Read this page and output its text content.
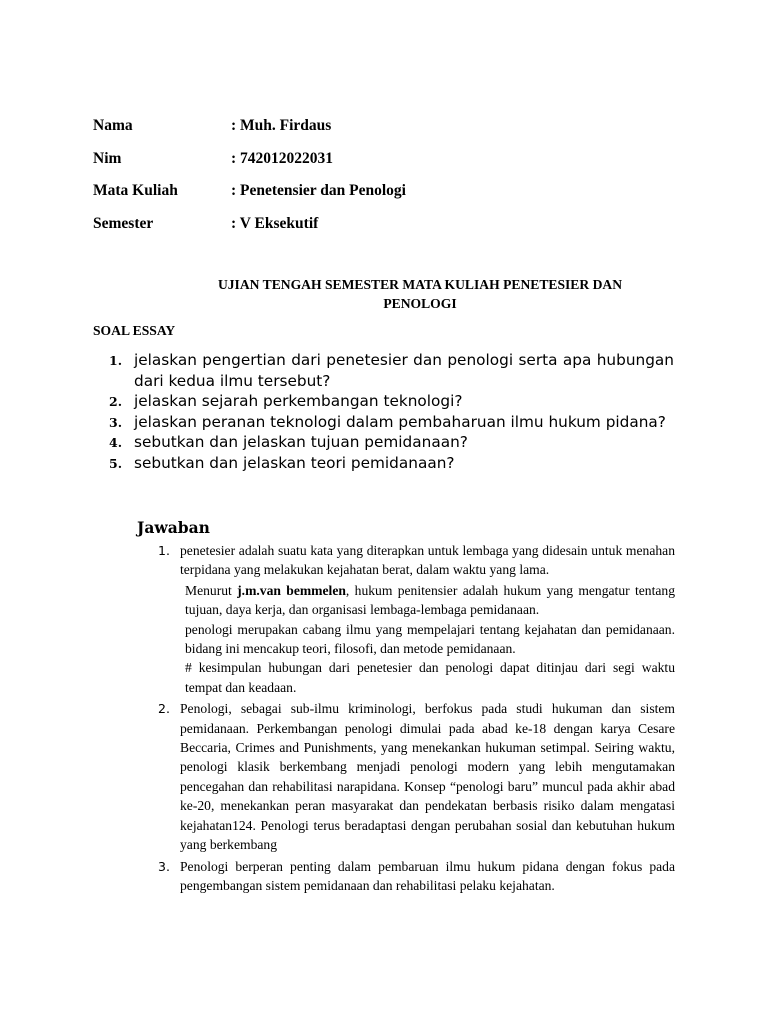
Nama	: Muh. Firdaus
Nim	: 742012022031
Mata Kuliah	: Penetensier dan Penologi
Semester	: V Eksekutif
UJIAN TENGAH SEMESTER MATA KULIAH PENETESIER DAN
PENOLOGI
SOAL ESSAY
1. jelaskan pengertian dari penetesier dan penologi serta apa hubungan dari kedua ilmu tersebut?
2. jelaskan sejarah perkembangan teknologi?
3. jelaskan peranan teknologi dalam pembaharuan ilmu hukum pidana?
4. sebutkan dan jelaskan tujuan pemidanaan?
5. sebutkan dan jelaskan teori pemidanaan?
Jawaban
1. penetesier adalah suatu kata yang diterapkan untuk lembaga yang didesain untuk menahan terpidana yang melakukan kejahatan berat, dalam waktu yang lama.

Menurut j.m.van bemmelen, hukum penitensier adalah hukum yang mengatur tentang tujuan, daya kerja, dan organisasi lembaga-lembaga pemidanaan.

penologi merupakan cabang ilmu yang mempelajari tentang kejahatan dan pemidanaan. bidang ini mencakup teori, filosofi, dan metode pemidanaan.

# kesimpulan hubungan dari penetesier dan penologi dapat ditinjau dari segi waktu tempat dan keadaan.

2. Penologi, sebagai sub-ilmu kriminologi, berfokus pada studi hukuman dan sistem pemidanaan. Perkembangan penologi dimulai pada abad ke-18 dengan karya Cesare Beccaria, Crimes and Punishments, yang menekankan hukuman setimpal. Seiring waktu, penologi klasik berkembang menjadi penologi modern yang lebih mengutamakan pencegahan dan rehabilitasi narapidana. Konsep “penologi baru” muncul pada akhir abad ke-20, menekankan peran masyarakat dan pendekatan berbasis risiko dalam mengatasi kejahatan124. Penologi terus beradaptasi dengan perubahan sosial dan kebutuhan hukum yang berkembang

3. Penologi berperan penting dalam pembaruan ilmu hukum pidana dengan fokus pada pengembangan sistem pemidanaan dan rehabilitasi pelaku kejahatan.
